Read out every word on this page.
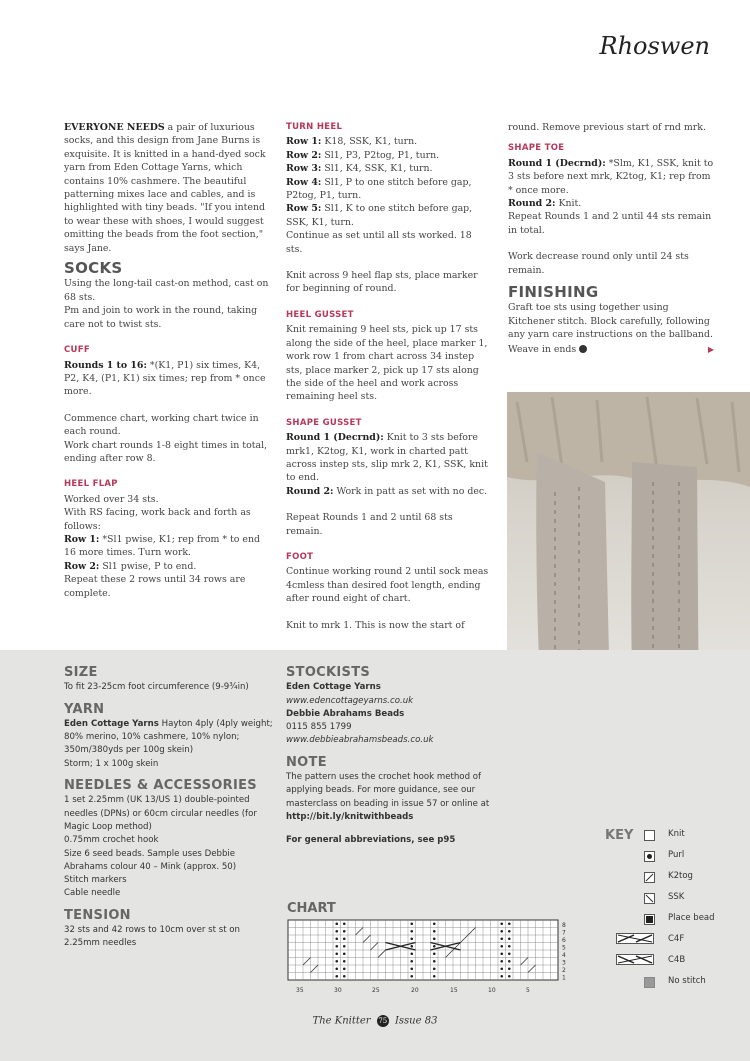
Rhoswen

EVERYONE NEEDS a pair of luxurious socks, and this design from Jane Burns is exquisite. It is knitted in a hand-dyed sock yarn from Eden Cottage Yarns, which contains 10% cashmere. The beautiful patterning mixes lace and cables, and is highlighted with tiny beads. "If you intend to wear these with shoes, I would suggest omitting the beads from the foot section," says Jane.

SOCKS

Using the long-tail cast-on method, cast on 68 sts.

Pm and join to work in the round, taking care not to twist sts.

CUFF

Rounds 1 to 16: *(K1, P1) six times, K4, P2, K4, (P1, K1) six times; rep from * once more.

Commence chart, working chart twice in each round.

Work chart rounds 1-8 eight times in total, ending after row 8.

HEEL FLAP

Worked over 34 sts.

With RS facing, work back and forth as follows:

Row 1: *Sl1 pwise, K1; rep from * to end 16 more times. Turn work.

Row 2: Sl1 pwise, P to end.

Repeat these 2 rows until 34 rows are complete.

TURN HEEL

Row 1: K18, SSK, K1, turn.

Row 2: Sl1, P3, P2tog, P1, turn.

Row 3: Sl1, K4, SSK, K1, turn.

Row 4: Sl1, P to one stitch before gap, P2tog, P1, turn.

Row 5: Sl1, K to one stitch before gap, SSK, K1, turn.

Continue as set until all sts worked. 18 sts.

Knit across 9 heel flap sts, place marker for beginning of round.

HEEL GUSSET

Knit remaining 9 heel sts, pick up 17 sts along the side of the heel, place marker 1, work row 1 from chart across 34 instep sts, place marker 2, pick up 17 sts along the side of the heel and work across remaining heel sts.

SHAPE GUSSET

Round 1 (Decrnd): Knit to 3 sts before mrk1, K2tog, K1, work in charted patt across instep sts, slip mrk 2, K1, SSK, knit to end.

Round 2: Work in patt as set with no dec.

Repeat Rounds 1 and 2 until 68 sts remain.

FOOT

Continue working round 2 until sock meas 4cmless than desired foot length, ending after round eight of chart.

Knit to mrk 1. This is now the start of

round. Remove previous start of rnd mrk.

SHAPE TOE

Round 1 (Decrnd): *Slm, K1, SSK, knit to 3 sts before next mrk, K2tog, K1; rep from * once more.

Round 2: Knit.

Repeat Rounds 1 and 2 until 44 sts remain in total.

Work decrease round only until 24 sts remain.

FINISHING

Graft toe sts using together using Kitchener stitch. Block carefully, following any yarn care instructions on the ballband.

Weave in ends	▶

SIZE

To fit 23-25cm foot circumference (9-9¾in)

YARN

Eden Cottage Yarns Hayton 4ply (4ply weight; 80% merino, 10% cashmere, 10% nylon; 350m/380yds per 100g skein)

Storm; 1 x 100g skein

NEEDLES & ACCESSORIES

1 set 2.25mm (UK 13/US 1) double-pointed needles (DPNs) or 60cm circular needles (for Magic Loop method)

0.75mm crochet hook

Size 6 seed beads. Sample uses Debbie Abrahams colour 40 – Mink (approx. 50)

Stitch markers

Cable needle

TENSION

32 sts and 42 rows to 10cm over st st on 2.25mm needles

STOCKISTS

Eden Cottage Yarns

www.edencottageyarns.co.uk

Debbie Abrahams Beads

0115 855 1799

www.debbieabrahamsbeads.co.uk

NOTE

The pattern uses the crochet hook method of applying beads. For more guidance, see our masterclass on beading in issue 57 or online at http://bit.ly/knitwithbeads

For general abbreviations, see p95

CHART
35	30	25	20	15	10	5
8
7
6
5
4
3
2
1
KEY	Knit
Purl
K2tog
SSK
Place bead
C4F
C4B
No stitch
The Knitter 75 Issue 83
